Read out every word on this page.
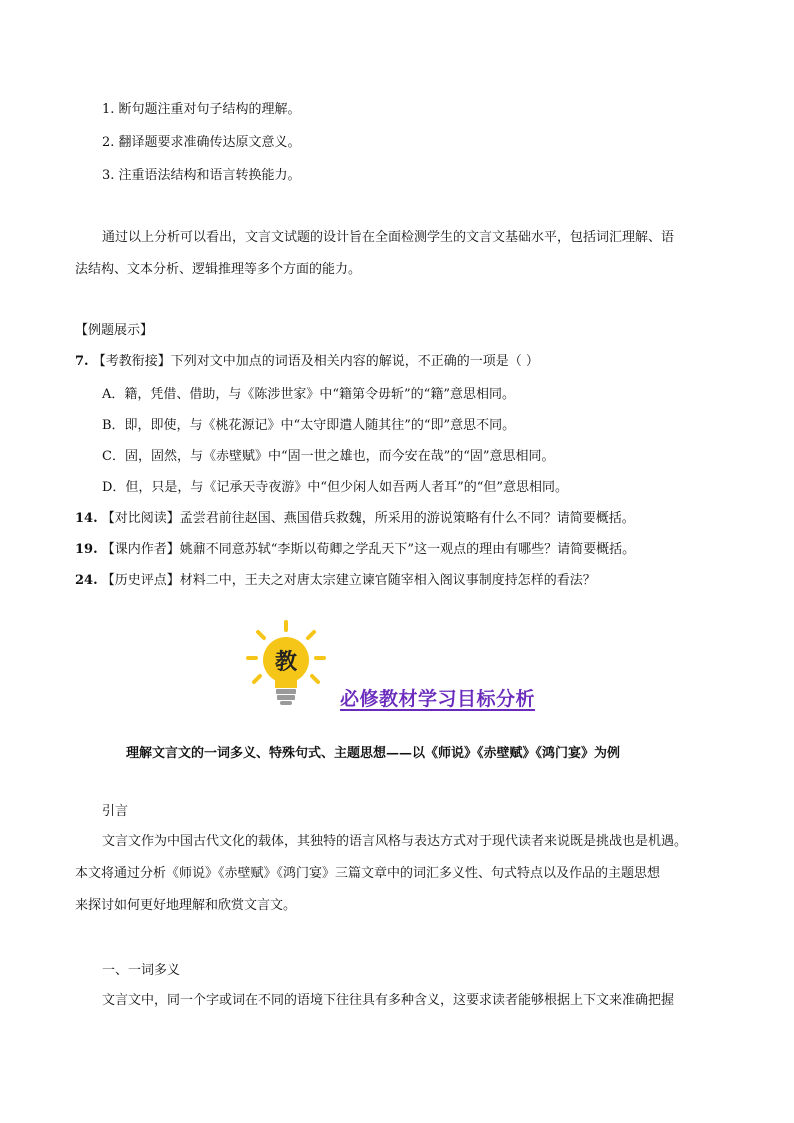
1. 断句题注重对句子结构的理解。
2. 翻译题要求准确传达原文意义。
3. 注重语法结构和语言转换能力。
通过以上分析可以看出，文言文试题的设计旨在全面检测学生的文言文基础水平，包括词汇理解、语
法结构、文本分析、逻辑推理等多个方面的能力。
【例题展示】
7. 【考教衔接】下列对文中加点的词语及相关内容的解说，不正确的一项是（ ）
A．籍，凭借、借助，与《陈涉世家》中“籍第令毋斩”的“籍”意思相同。
B．即，即使，与《桃花源记》中“太守即遣人随其往”的“即”意思不同。
C．固，固然，与《赤壁赋》中“固一世之雄也，而今安在哉”的“固”意思相同。
D．但，只是，与《记承天寺夜游》中“但少闲人如吾两人者耳”的“但”意思相同。
14. 【对比阅读】孟尝君前往赵国、燕国借兵救魏，所采用的游说策略有什么不同？请简要概括。
19. 【课内作者】姚鼐不同意苏轼“李斯以荀卿之学乱天下”这一观点的理由有哪些？请简要概括。
24. 【历史评点】材料二中，王夫之对唐太宗建立谏官随宰相入阁议事制度持怎样的看法？
教
必修教材学习目标分析
理解文言文的一词多义、特殊句式、主题思想——以《师说》《赤壁赋》《鸿门宴》为例
引言
文言文作为中国古代文化的载体，其独特的语言风格与表达方式对于现代读者来说既是挑战也是机遇。
本文将通过分析《师说》《赤壁赋》《鸿门宴》三篇文章中的词汇多义性、句式特点以及作品的主题思想
来探讨如何更好地理解和欣赏文言文。
一、一词多义
文言文中，同一个字或词在不同的语境下往往具有多种含义，这要求读者能够根据上下文来准确把握
